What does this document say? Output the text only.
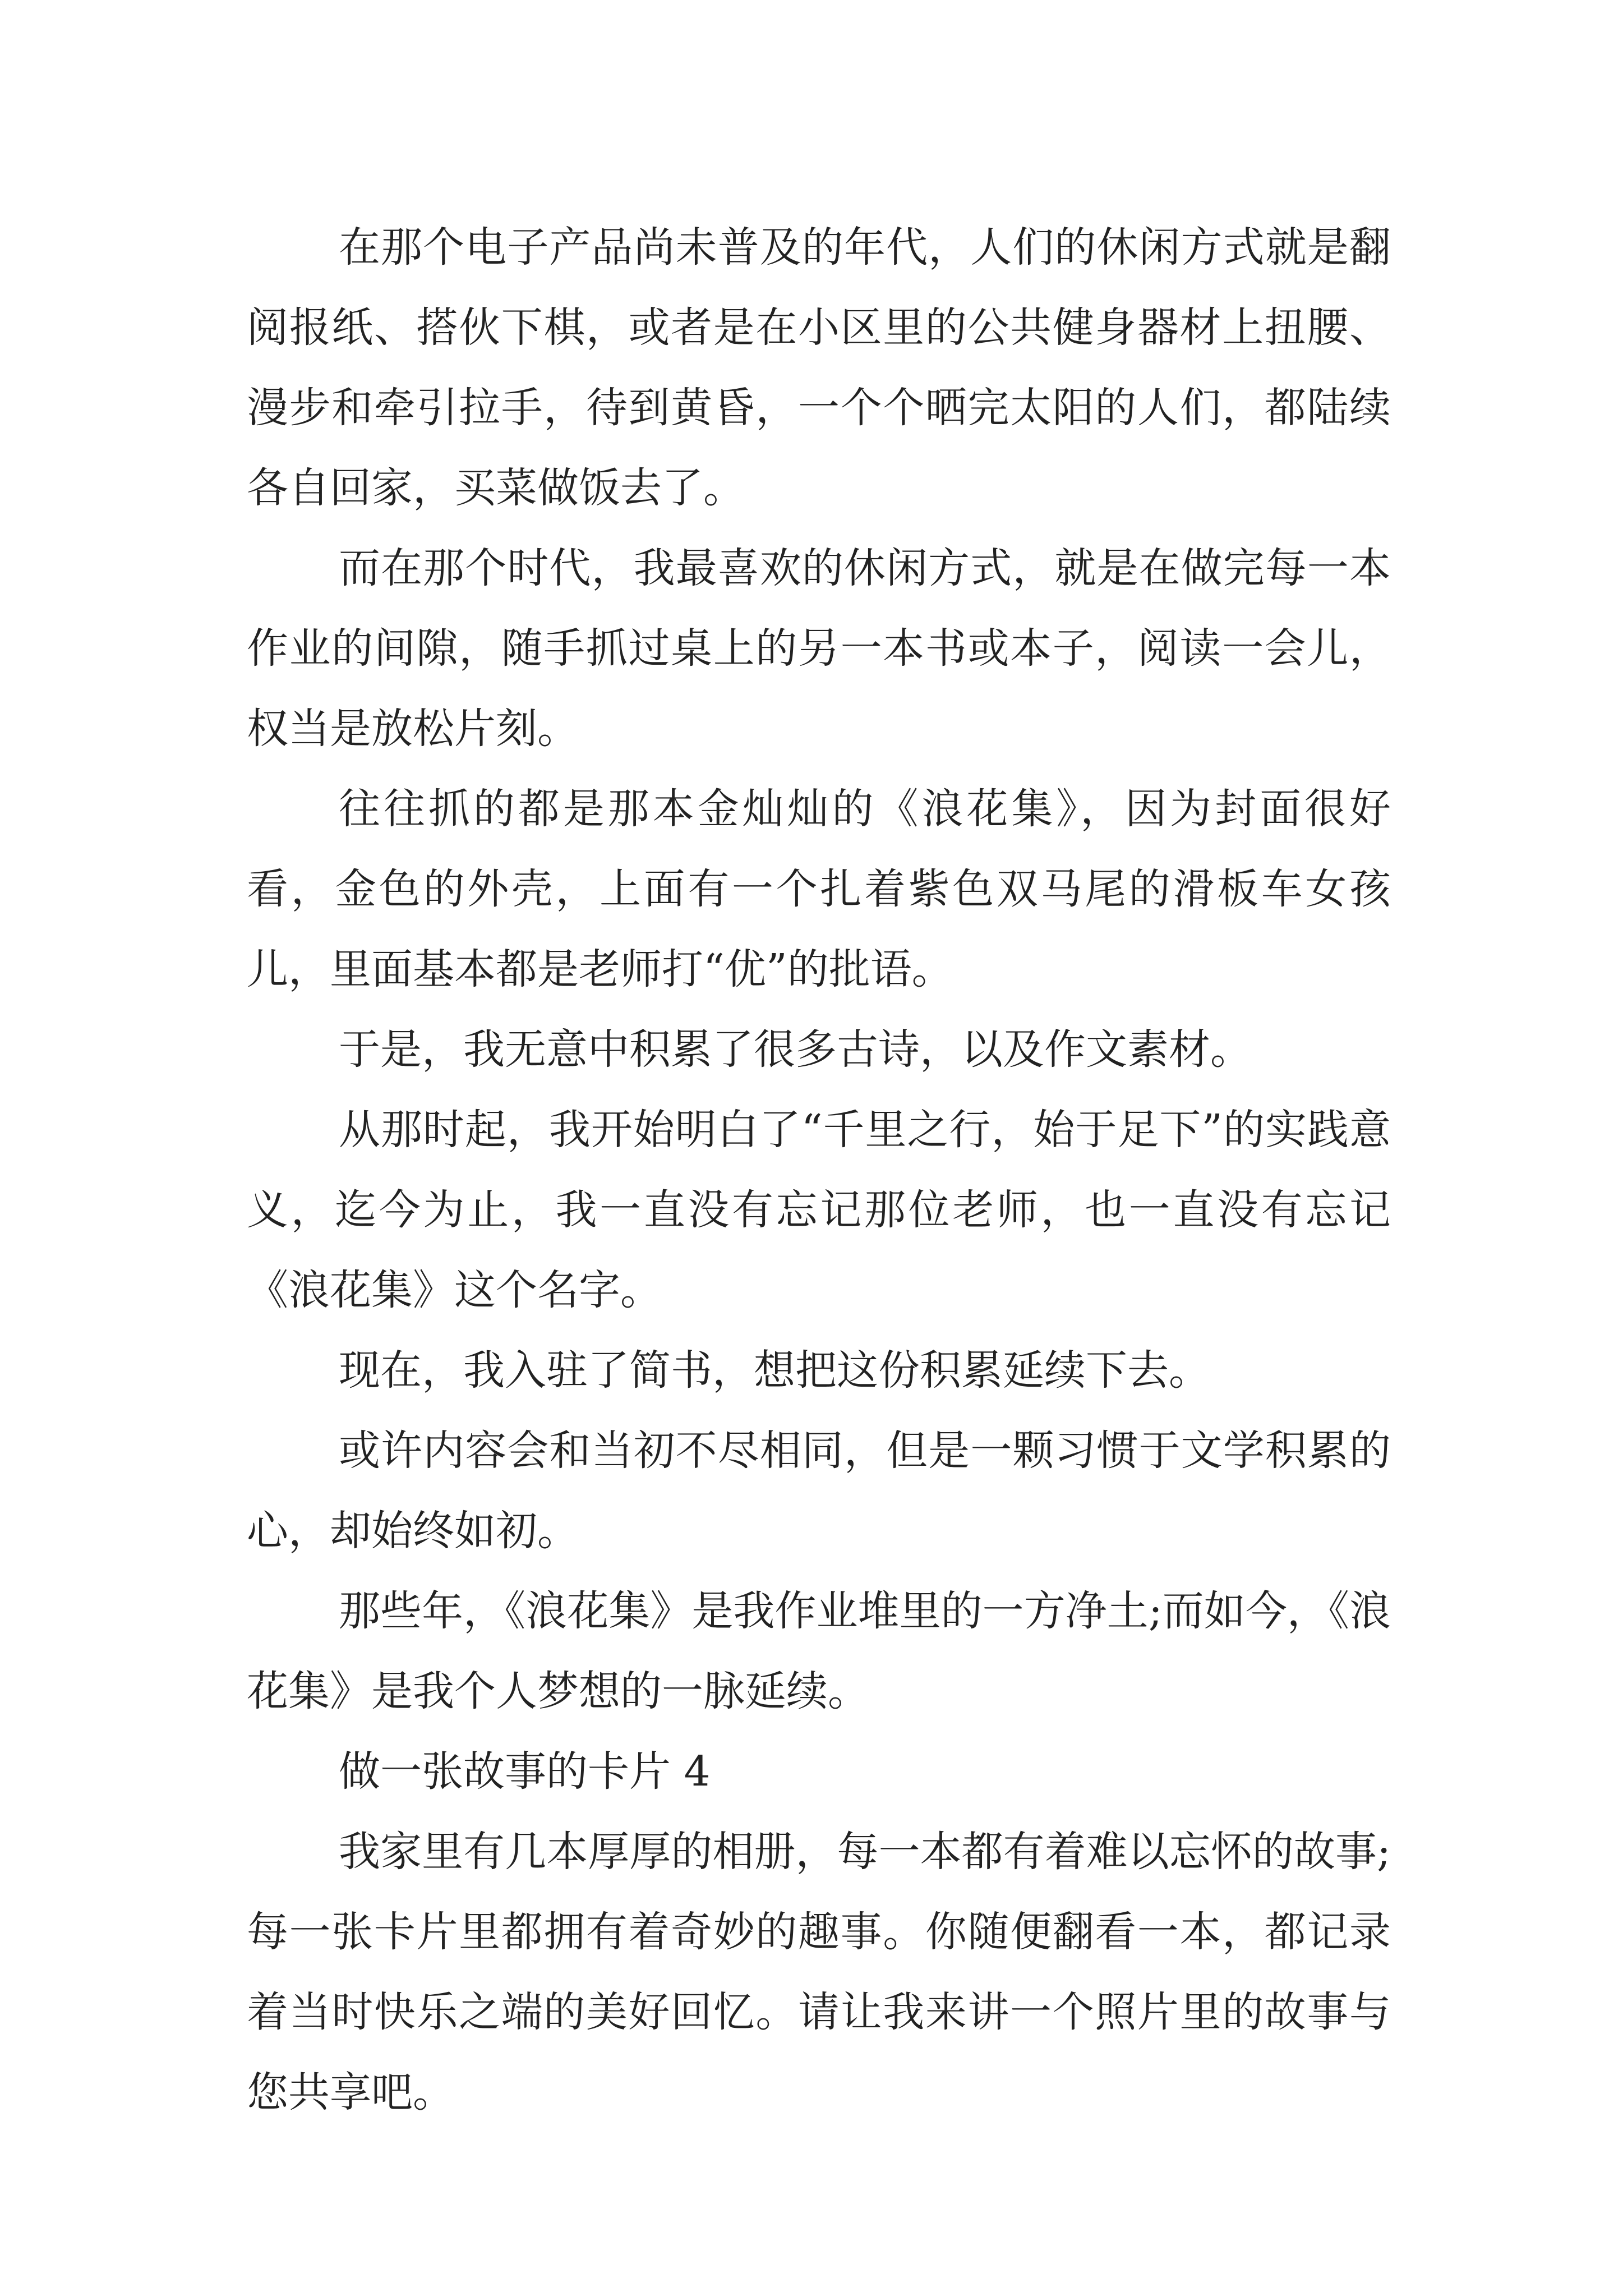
在那个电子产品尚未普及的年代，人们的休闲方式就是翻阅报纸、搭伙下棋，或者是在小区里的公共健身器材上扭腰、漫步和牵引拉手，待到黄昏，一个个晒完太阳的人们，都陆续各自回家，买菜做饭去了。

而在那个时代，我最喜欢的休闲方式，就是在做完每一本作业的间隙，随手抓过桌上的另一本书或本子，阅读一会儿，权当是放松片刻。

往往抓的都是那本金灿灿的《浪花集》，因为封面很好看，金色的外壳，上面有一个扎着紫色双马尾的滑板车女孩儿，里面基本都是老师打“优”的批语。

于是，我无意中积累了很多古诗，以及作文素材。

从那时起，我开始明白了“千里之行，始于足下”的实践意义，迄今为止，我一直没有忘记那位老师，也一直没有忘记《浪花集》这个名字。

现在，我入驻了简书，想把这份积累延续下去。

或许内容会和当初不尽相同，但是一颗习惯于文学积累的心，却始终如初。

那些年，《浪花集》是我作业堆里的一方净土;而如今，《浪花集》是我个人梦想的一脉延续。

做一张故事的卡片 4

我家里有几本厚厚的相册，每一本都有着难以忘怀的故事;每一张卡片里都拥有着奇妙的趣事。你随便翻看一本，都记录着当时快乐之端的美好回忆。请让我来讲一个照片里的故事与您共享吧。
